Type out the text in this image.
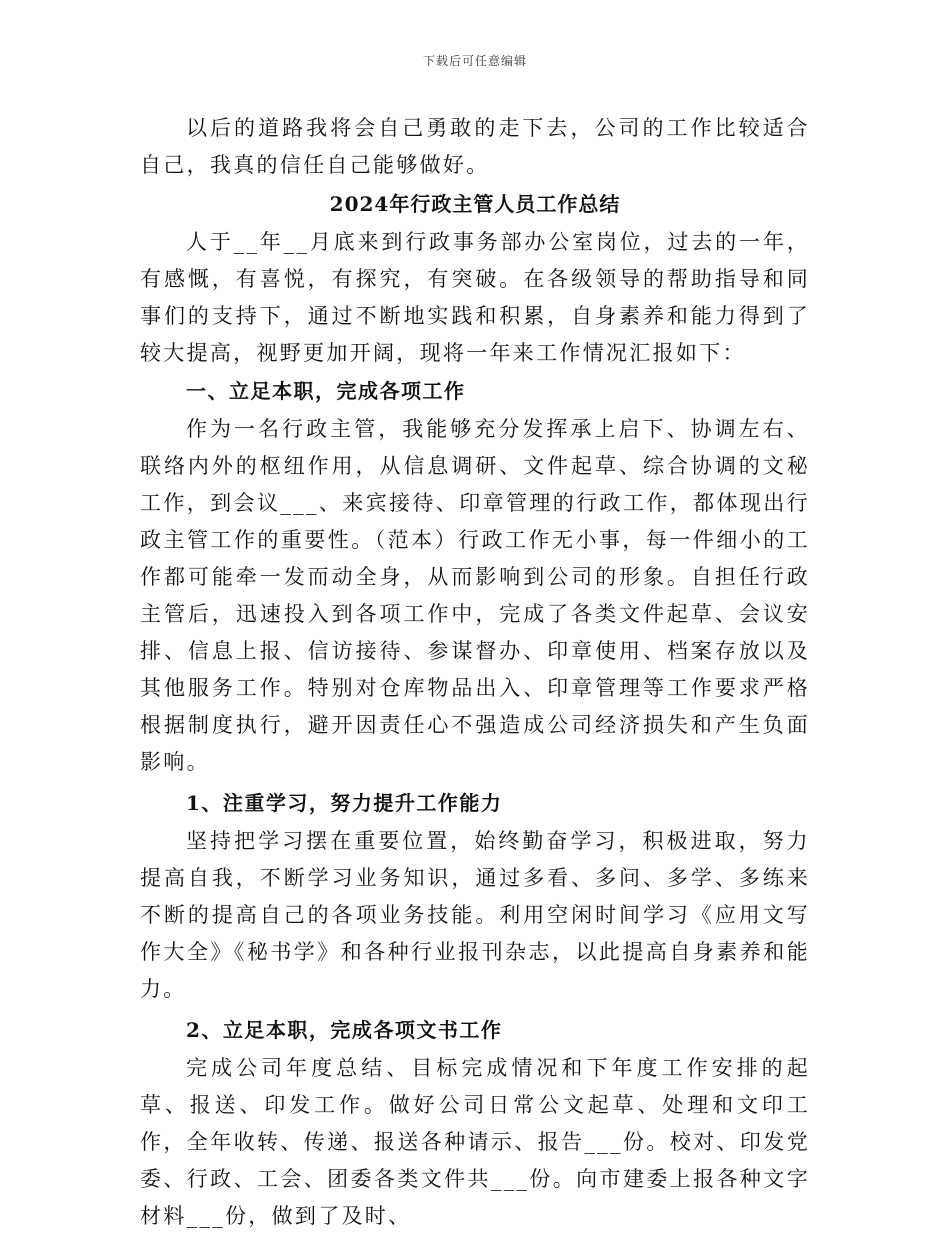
下载后可任意编辑

以后的道路我将会自己勇敢的走下去，公司的工作比较适合自己，我真的信任自己能够做好。

2024年行政主管人员工作总结

人于__年__月底来到行政事务部办公室岗位，过去的一年，有感慨，有喜悦，有探究，有突破。在各级领导的帮助指导和同事们的支持下，通过不断地实践和积累，自身素养和能力得到了较大提高，视野更加开阔，现将一年来工作情况汇报如下：

一、立足本职，完成各项工作

作为一名行政主管，我能够充分发挥承上启下、协调左右、联络内外的枢纽作用，从信息调研、文件起草、综合协调的文秘工作，到会议___、来宾接待、印章管理的行政工作，都体现出行政主管工作的重要性。（范本）行政工作无小事，每一件细小的工作都可能牵一发而动全身，从而影响到公司的形象。自担任行政主管后，迅速投入到各项工作中，完成了各类文件起草、会议安排、信息上报、信访接待、参谋督办、印章使用、档案存放以及其他服务工作。特别对仓库物品出入、印章管理等工作要求严格根据制度执行，避开因责任心不强造成公司经济损失和产生负面影响。

1、注重学习，努力提升工作能力

坚持把学习摆在重要位置，始终勤奋学习，积极进取，努力提高自我，不断学习业务知识，通过多看、多问、多学、多练来不断的提高自己的各项业务技能。利用空闲时间学习《应用文写作大全》《秘书学》和各种行业报刊杂志，以此提高自身素养和能力。

2、立足本职，完成各项文书工作

完成公司年度总结、目标完成情况和下年度工作安排的起草、报送、印发工作。做好公司日常公文起草、处理和文印工作，全年收转、传递、报送各种请示、报告___份。校对、印发党委、行政、工会、团委各类文件共___份。向市建委上报各种文字材料___份，做到了及时、
